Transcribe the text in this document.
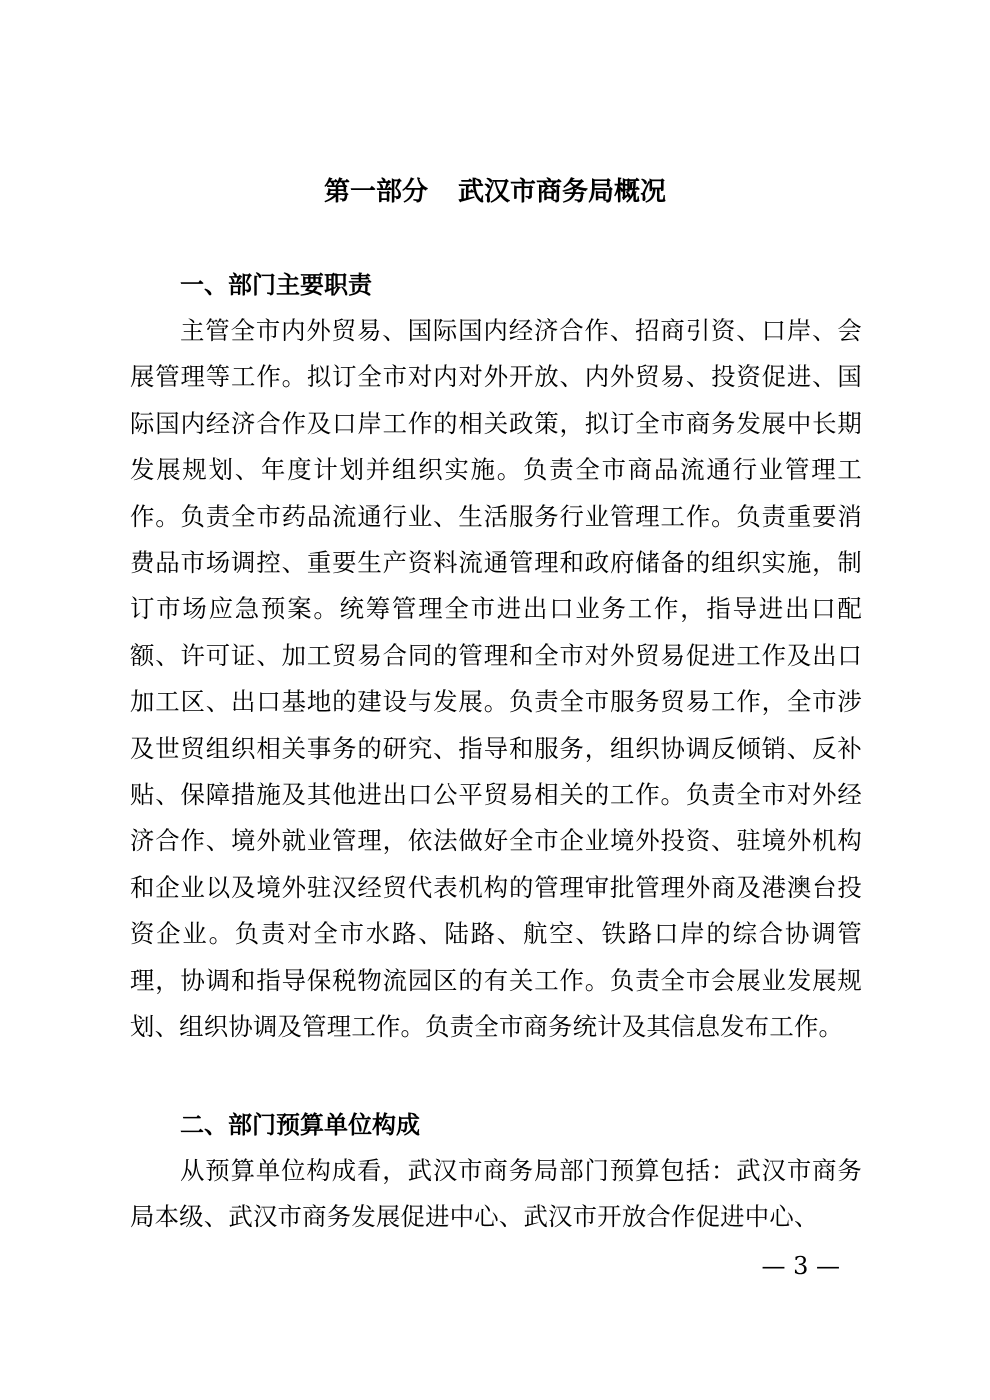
第一部分 武汉市商务局概况

一、部门主要职责

主管全市内外贸易、国际国内经济合作、招商引资、口岸、会展管理等工作。拟订全市对内对外开放、内外贸易、投资促进、国际国内经济合作及口岸工作的相关政策，拟订全市商务发展中长期发展规划、年度计划并组织实施。负责全市商品流通行业管理工作。负责全市药品流通行业、生活服务行业管理工作。负责重要消费品市场调控、重要生产资料流通管理和政府储备的组织实施，制订市场应急预案。统筹管理全市进出口业务工作，指导进出口配额、许可证、加工贸易合同的管理和全市对外贸易促进工作及出口加工区、出口基地的建设与发展。负责全市服务贸易工作，全市涉及世贸组织相关事务的研究、指导和服务，组织协调反倾销、反补贴、保障措施及其他进出口公平贸易相关的工作。负责全市对外经济合作、境外就业管理，依法做好全市企业境外投资、驻境外机构和企业以及境外驻汉经贸代表机构的管理审批管理外商及港澳台投资企业。负责对全市水路、陆路、航空、铁路口岸的综合协调管理，协调和指导保税物流园区的有关工作。负责全市会展业发展规划、组织协调及管理工作。负责全市商务统计及其信息发布工作。

二、部门预算单位构成

从预算单位构成看，武汉市商务局部门预算包括：武汉市商务局本级、武汉市商务发展促进中心、武汉市开放合作促进中心、

— 3 —
